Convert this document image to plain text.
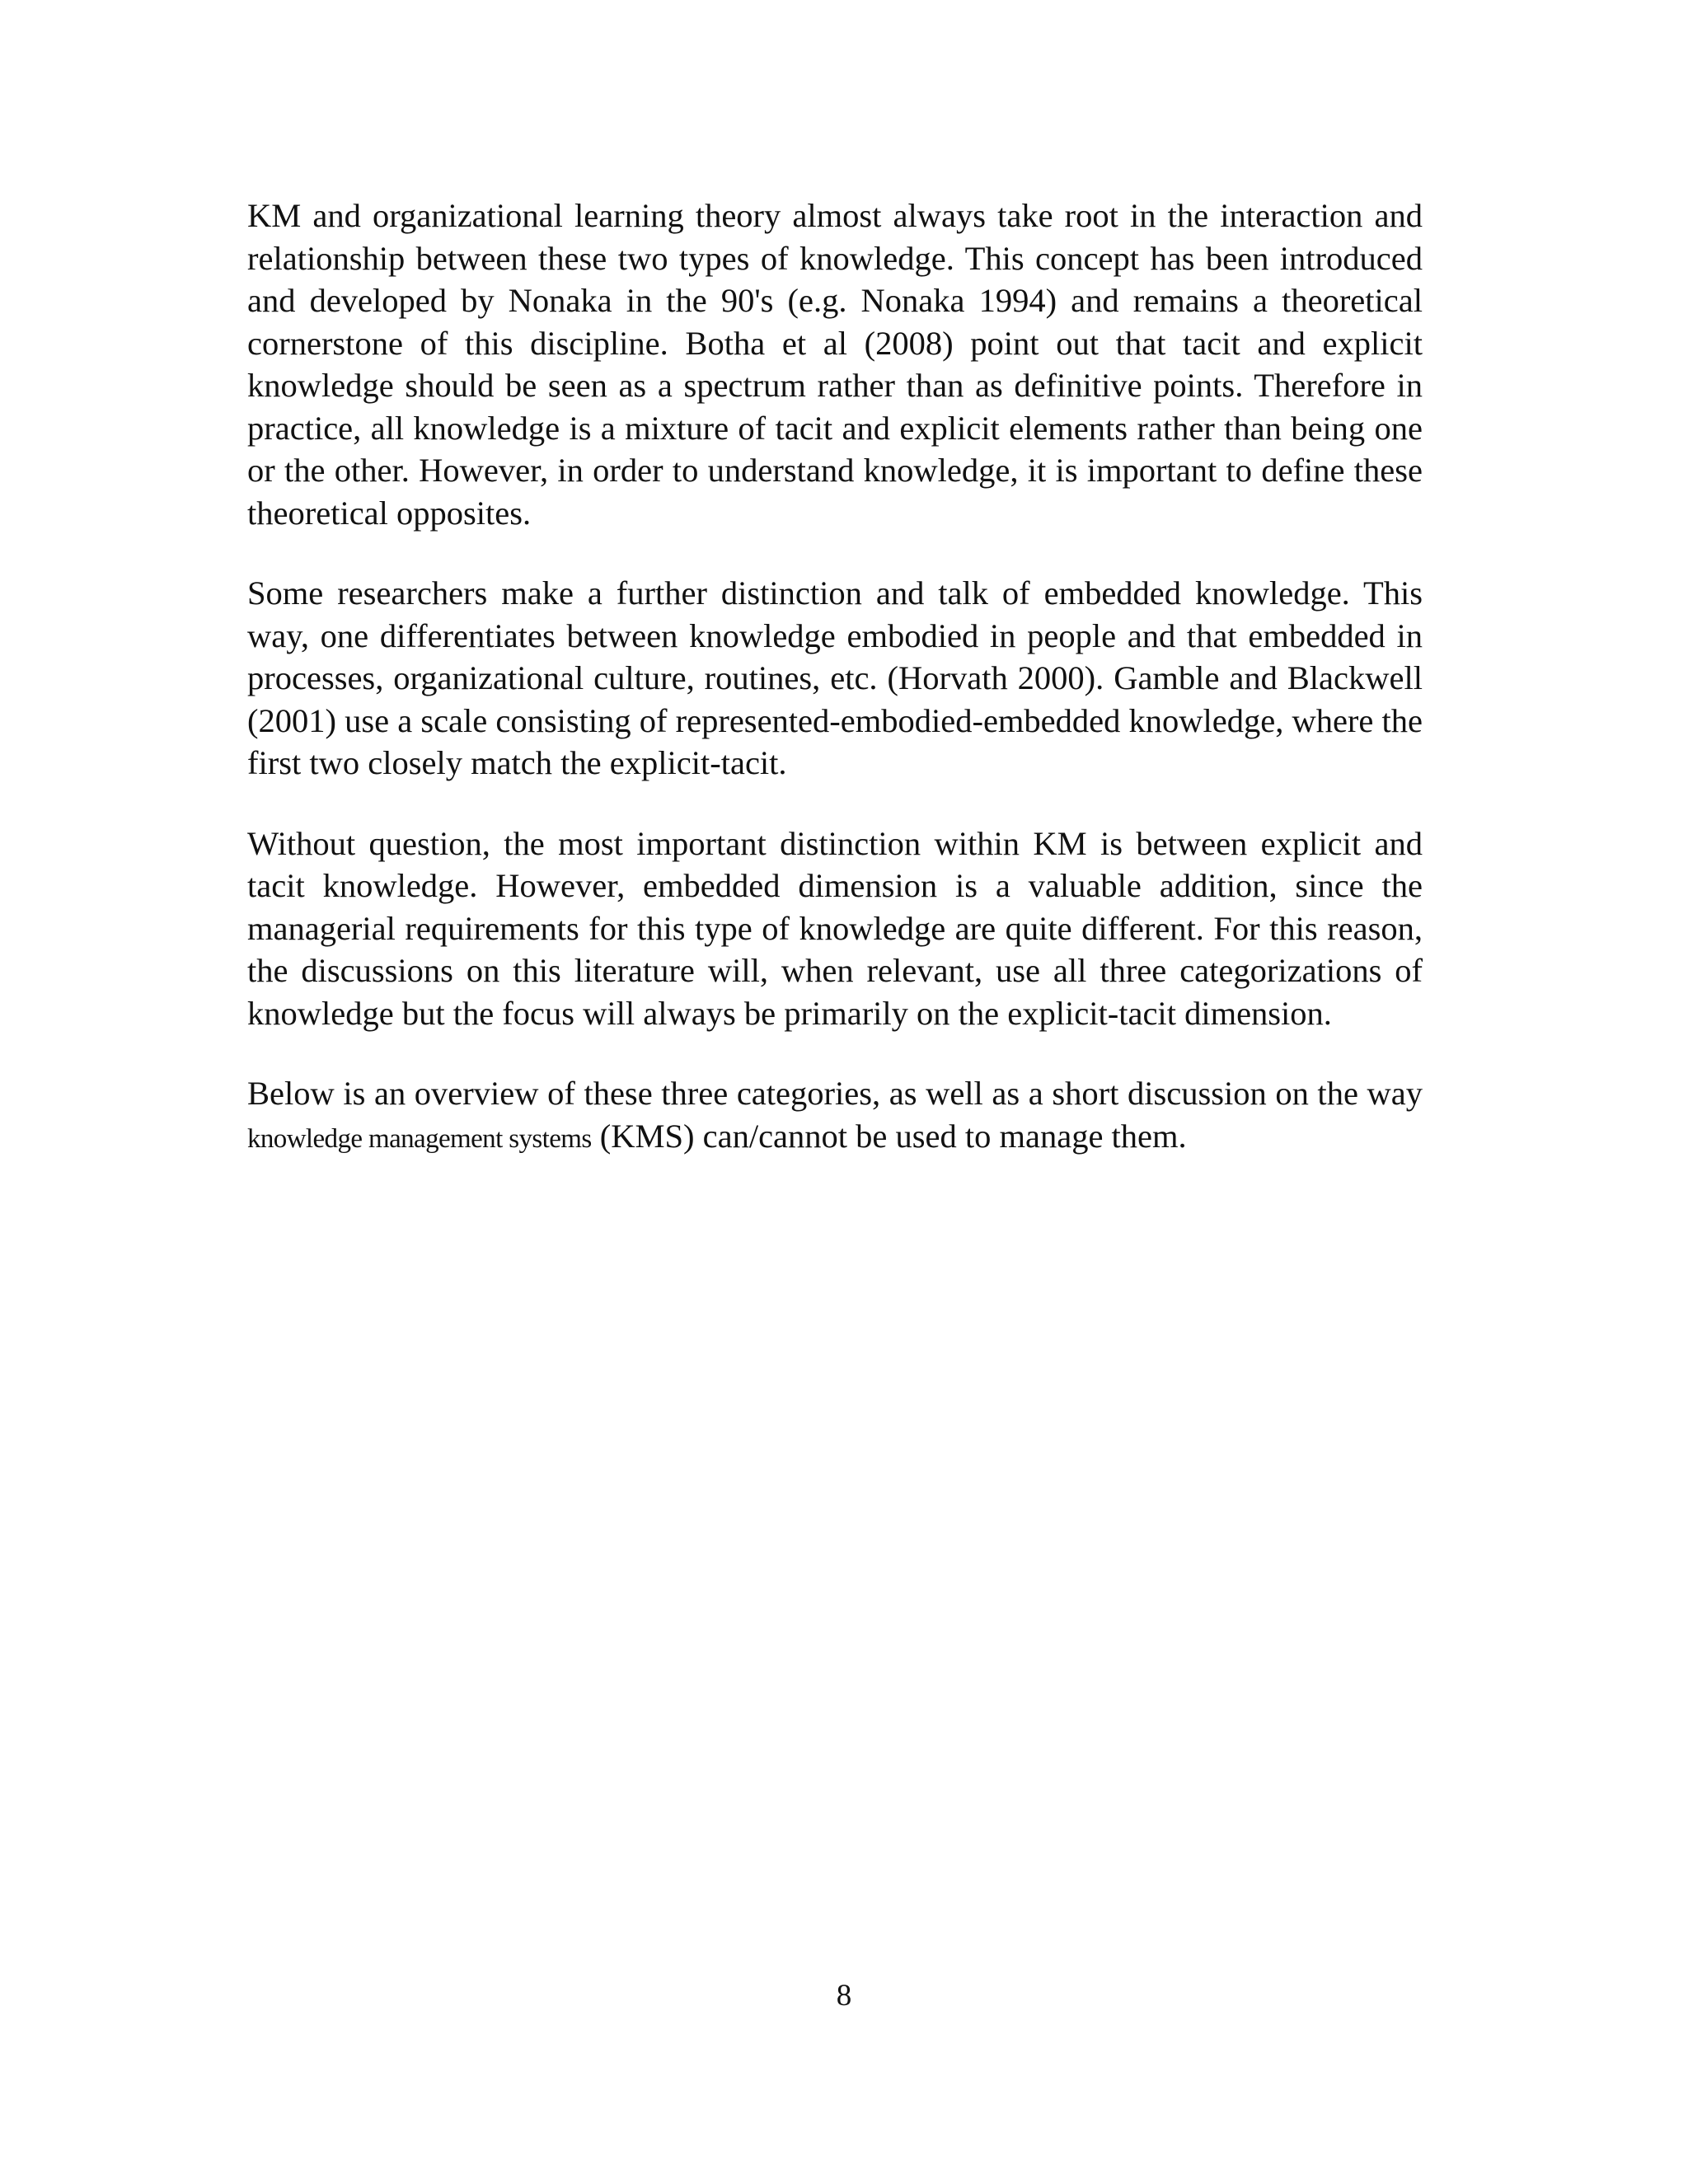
KM and organizational learning theory almost always take root in the interaction and relationship between these two types of knowledge. This concept has been introduced and developed by Nonaka in the 90's (e.g. Nonaka 1994) and remains a theoretical cornerstone of this discipline. Botha et al (2008) point out that tacit and explicit knowledge should be seen as a spectrum rather than as definitive points. Therefore in practice, all knowledge is a mixture of tacit and explicit elements rather than being one or the other. However, in order to understand knowledge, it is important to define these theoretical opposites.

Some researchers make a further distinction and talk of embedded knowledge. This way, one differentiates between knowledge embodied in people and that embedded in processes, organizational culture, routines, etc. (Horvath 2000). Gamble and Blackwell (2001) use a scale consisting of represented-embodied-embedded knowledge, where the first two closely match the explicit-tacit.

Without question, the most important distinction within KM is between explicit and tacit knowledge. However, embedded dimension is a valuable addition, since the managerial requirements for this type of knowledge are quite different. For this reason, the discussions on this literature will, when relevant, use all three categorizations of knowledge but the focus will always be primarily on the explicit-tacit dimension.

Below is an overview of these three categories, as well as a short discussion on the way knowledge management systems (KMS) can/cannot be used to manage them.

8
